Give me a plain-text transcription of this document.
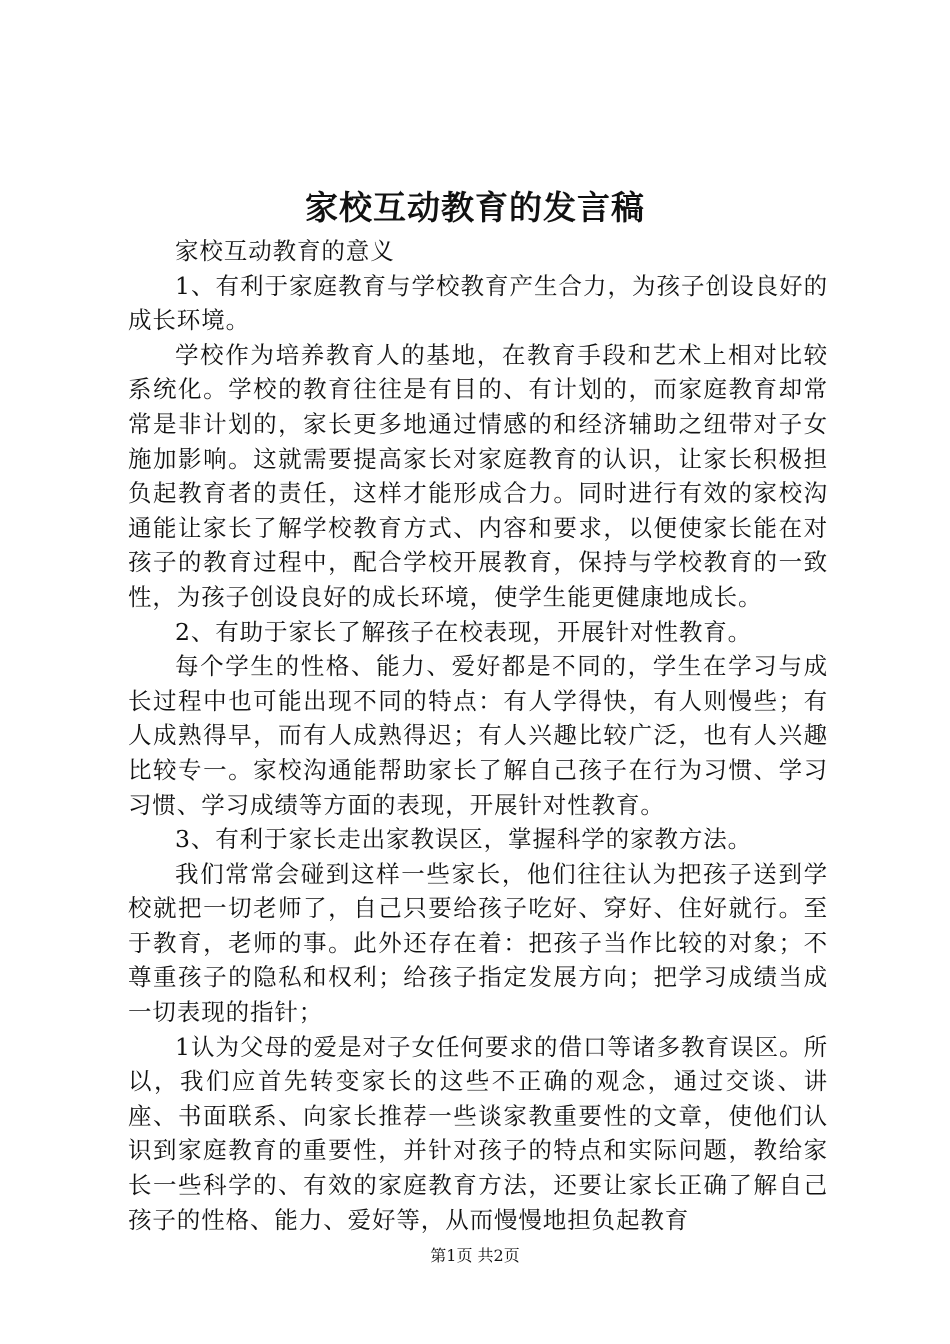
家校互动教育的发言稿

家校互动教育的意义

1、有利于家庭教育与学校教育产生合力，为孩子创设良好的成长环境。

学校作为培养教育人的基地，在教育手段和艺术上相对比较系统化。学校的教育往往是有目的、有计划的，而家庭教育却常常是非计划的，家长更多地通过情感的和经济辅助之纽带对子女施加影响。这就需要提高家长对家庭教育的认识，让家长积极担负起教育者的责任，这样才能形成合力。同时进行有效的家校沟通能让家长了解学校教育方式、内容和要求，以便使家长能在对孩子的教育过程中，配合学校开展教育，保持与学校教育的一致性，为孩子创设良好的成长环境，使学生能更健康地成长。

2、有助于家长了解孩子在校表现，开展针对性教育。

每个学生的性格、能力、爱好都是不同的，学生在学习与成长过程中也可能出现不同的特点：有人学得快，有人则慢些；有人成熟得早，而有人成熟得迟；有人兴趣比较广泛，也有人兴趣比较专一。家校沟通能帮助家长了解自己孩子在行为习惯、学习习惯、学习成绩等方面的表现，开展针对性教育。

3、有利于家长走出家教误区，掌握科学的家教方法。

我们常常会碰到这样一些家长，他们往往认为把孩子送到学校就把一切老师了，自己只要给孩子吃好、穿好、住好就行。至于教育，老师的事。此外还存在着：把孩子当作比较的对象；不尊重孩子的隐私和权利；给孩子指定发展方向；把学习成绩当成一切表现的指针；

1认为父母的爱是对子女任何要求的借口等诸多教育误区。所以，我们应首先转变家长的这些不正确的观念，通过交谈、讲座、书面联系、向家长推荐一些谈家教重要性的文章，使他们认识到家庭教育的重要性，并针对孩子的特点和实际问题，教给家长一些科学的、有效的家庭教育方法，还要让家长正确了解自己孩子的性格、能力、爱好等，从而慢慢地担负起教育

第1页 共2页
